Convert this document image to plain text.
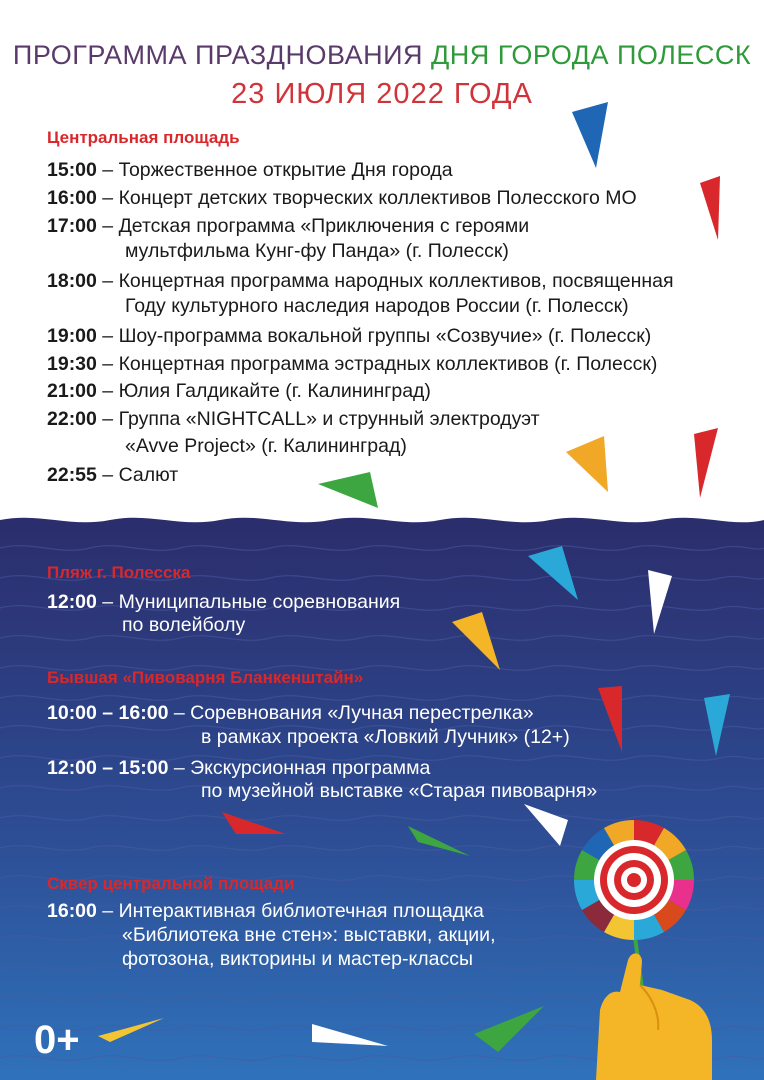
ПРОГРАММА ПРАЗДНОВАНИЯ ДНЯ ГОРОДА ПОЛЕССК
23 ИЮЛЯ 2022 ГОДА
Центральная площадь
15:00 – Торжественное открытие Дня города
16:00 – Концерт детских творческих коллективов Полесского МО
17:00 – Детская программа «Приключения с героями
мультфильма Кунг-фу Панда» (г. Полесск)
18:00 – Концертная программа народных коллективов, посвященная
Году культурного наследия народов России (г. Полесск)
19:00 – Шоу-программа вокальной группы «Созвучие» (г. Полесск)
19:30 – Концертная программа эстрадных коллективов (г. Полесск)
21:00 – Юлия Галдикайте (г. Калининград)
22:00 – Группа «NIGHTCALL» и струнный электродуэт
«Avve Project» (г. Калининград)
22:55 – Салют
Пляж г. Полесска
12:00 – Муниципальные соревнования
по волейболу
Бывшая «Пивоварня Бланкенштайн»
10:00 – 16:00 – Соревнования «Лучная перестрелка»
в рамках проекта «Ловкий Лучник» (12+)
12:00 – 15:00 – Экскурсионная программа
по музейной выставке «Старая пивоварня»
Сквер центральной площади
16:00 – Интерактивная библиотечная площадка
«Библиотека вне стен»: выставки, акции,
фотозона, викторины и мастер-классы
0+
